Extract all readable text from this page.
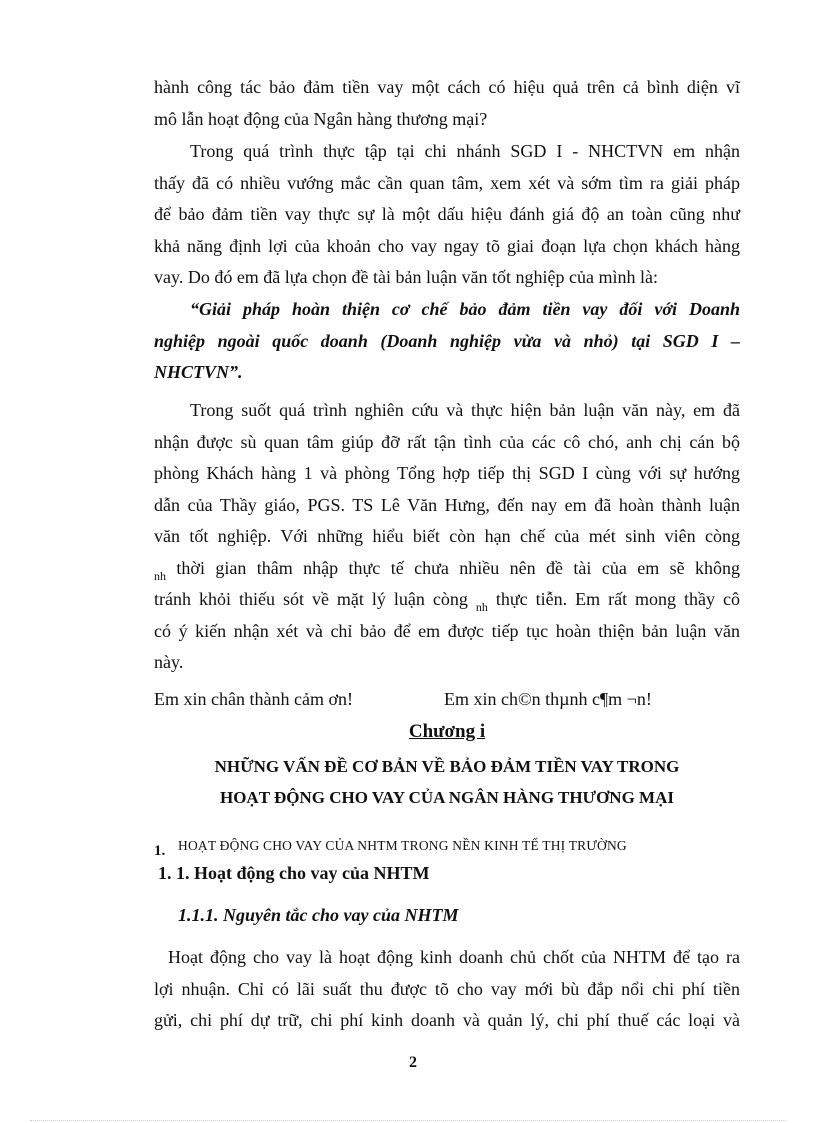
hành công tác bảo đảm tiền vay một cách có hiệu quả trên cả bình diện vĩ
mô lẫn hoạt động của Ngân hàng thương mại?
Trong quá trình thực tập tại chi nhánh SGD I - NHCTVN em nhận
thấy đã có nhiều vướng mắc cần quan tâm, xem xét và sớm tìm ra giải pháp
để bảo đảm tiền vay thực sự là một dấu hiệu đánh giá độ an toàn cũng như
khả năng định lợi của khoản cho vay ngay tõ giai đoạn lựa chọn khách hàng
vay. Do đó em đã lựa chọn đề tài bản luận văn tốt nghiệp của mình là:
“Giải pháp hoàn thiện cơ chế bảo đảm tiền vay đối với Doanh
nghiệp ngoài quốc doanh (Doanh nghiệp vừa và nhỏ) tại SGD I –
NHCTVN”.
Trong suốt quá trình nghiên cứu và thực hiện bản luận văn này, em đã
nhận được sù quan tâm giúp đỡ rất tận tình của các cô chó, anh chị cán bộ
phòng Khách hàng 1 và phòng Tổng hợp tiếp thị SGD I cùng với sự hướng
dẫn của Thầy giáo, PGS. TS Lê Văn Hưng, đến nay em đã hoàn thành luận
văn tốt nghiệp. Với những hiểu biết còn hạn chế của mét sinh viên còng
$_{nh}$ thời gian thâm nhập thực tế chưa nhiều nên đề tài của em sẽ không
tránh khỏi thiếu sót về mặt lý luận còng $_{nh}$ thực tiễn. Em rất mong thầy cô
có ý kiến nhận xét và chỉ bảo để em được tiếp tục hoàn thiện bản luận văn
này.
Em xin chân thành cảm ơn!	Em xin ch©n thµnh c¶m ¬n!
Chương i
NHỮNG VẤN ĐỀ CƠ BẢN VỀ BẢO ĐẢM TIỀN VAY TRONG
HOẠT ĐỘNG CHO VAY CỦA NGÂN HÀNG THƯƠNG MẠI
1. HOẠT ĐỘNG CHO VAY CỦA NHTM TRONG NỀN KINH TẾ THỊ TRƯỜNG
1. 1. Hoạt động cho vay của NHTM
1.1.1. Nguyên tắc cho vay của NHTM
Hoạt động cho vay là hoạt động kinh doanh chủ chốt của NHTM để tạo ra
lợi nhuận. Chỉ có lãi suất thu được tõ cho vay mới bù đắp nổi chi phí tiền
gửi, chi phí dự trữ, chi phí kinh doanh và quản lý, chi phí thuế các loại và
2
